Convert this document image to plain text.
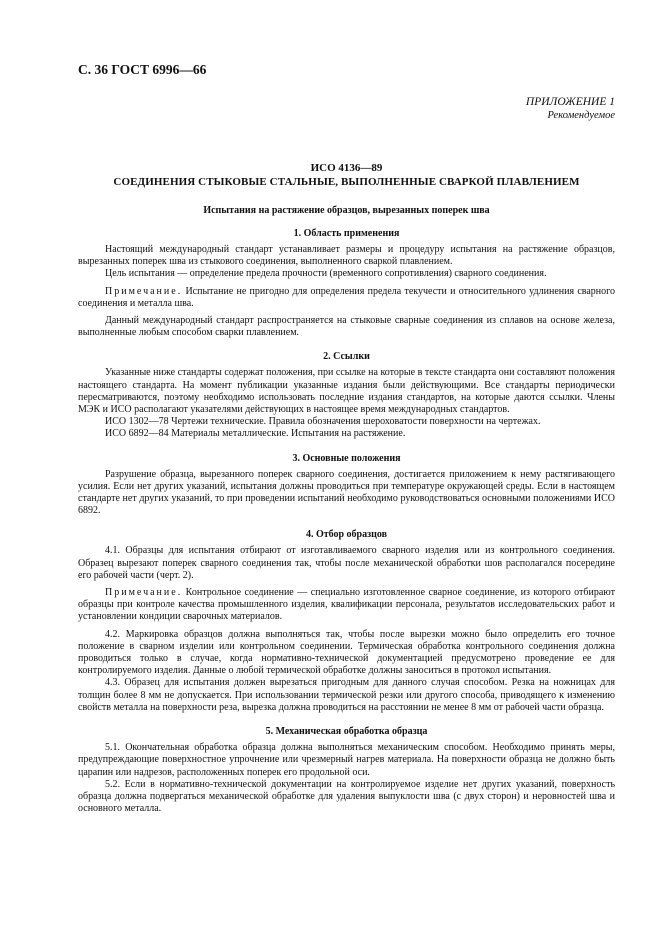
С. 36 ГОСТ 6996—66
ПРИЛОЖЕНИЕ 1
Рекомендуемое
ИСО 4136—89
СОЕДИНЕНИЯ СТЫКОВЫЕ СТАЛЬНЫЕ, ВЫПОЛНЕННЫЕ СВАРКОЙ ПЛАВЛЕНИЕМ
Испытания на растяжение образцов, вырезанных поперек шва
1. Область применения

Настоящий международный стандарт устанавливает размеры и процедуру испытания на растяжение образцов, вырезанных поперек шва из стыкового соединения, выполненного сваркой плавлением.

Цель испытания — определение предела прочности (временного сопротивления) сварного соединения.

Примечание. Испытание не пригодно для определения предела текучести и относительного удлинения сварного соединения и металла шва.

Данный международный стандарт распространяется на стыковые сварные соединения из сплавов на основе железа, выполненные любым способом сварки плавлением.

2. Ссылки

Указанные ниже стандарты содержат положения, при ссылке на которые в тексте стандарта они составляют положения настоящего стандарта. На момент публикации указанные издания были действующими. Все стандарты периодически пересматриваются, поэтому необходимо использовать последние издания стандартов, на которые даются ссылки. Члены МЭК и ИСО располагают указателями действующих в настоящее время международных стандартов.

ИСО 1302—78 Чертежи технические. Правила обозначения шероховатости поверхности на чертежах.

ИСО 6892—84 Материалы металлические. Испытания на растяжение.

3. Основные положения

Разрушение образца, вырезанного поперек сварного соединения, достигается приложением к нему растягивающего усилия. Если нет других указаний, испытания должны проводиться при температуре окружающей среды. Если в настоящем стандарте нет других указаний, то при проведении испытаний необходимо руководствоваться основными положениями ИСО 6892.

4. Отбор образцов

4.1. Образцы для испытания отбирают от изготавливаемого сварного изделия или из контрольного соединения. Образец вырезают поперек сварного соединения так, чтобы после механической обработки шов располагался посередине его рабочей части (черт. 2).

Примечание. Контрольное соединение — специально изготовленное сварное соединение, из которого отбирают образцы при контроле качества промышленного изделия, квалификации персонала, результатов исследовательских работ и установлении кондиции сварочных материалов.

4.2. Маркировка образцов должна выполняться так, чтобы после вырезки можно было определить его точное положение в сварном изделии или контрольном соединении. Термическая обработка контрольного соединения должна проводиться только в случае, когда нормативно-технической документацией предусмотрено проведение ее для контролируемого изделия. Данные о любой термической обработке должны заноситься в протокол испытания.

4.3. Образец для испытания должен вырезаться пригодным для данного случая способом. Резка на ножницах для толщин более 8 мм не допускается. При использовании термической резки или другого способа, приводящего к изменению свойств металла на поверхности реза, вырезка должна проводиться на расстоянии не менее 8 мм от рабочей части образца.

5. Механическая обработка образца

5.1. Окончательная обработка образца должна выполняться механическим способом. Необходимо принять меры, предупреждающие поверхностное упрочнение или чрезмерный нагрев материала. На поверхности образца не должно быть царапин или надрезов, расположенных поперек его продольной оси.

5.2. Если в нормативно-технической документации на контролируемое изделие нет других указаний, поверхность образца должна подвергаться механической обработке для удаления выпуклости шва (с двух сторон) и неровностей шва и основного металла.
